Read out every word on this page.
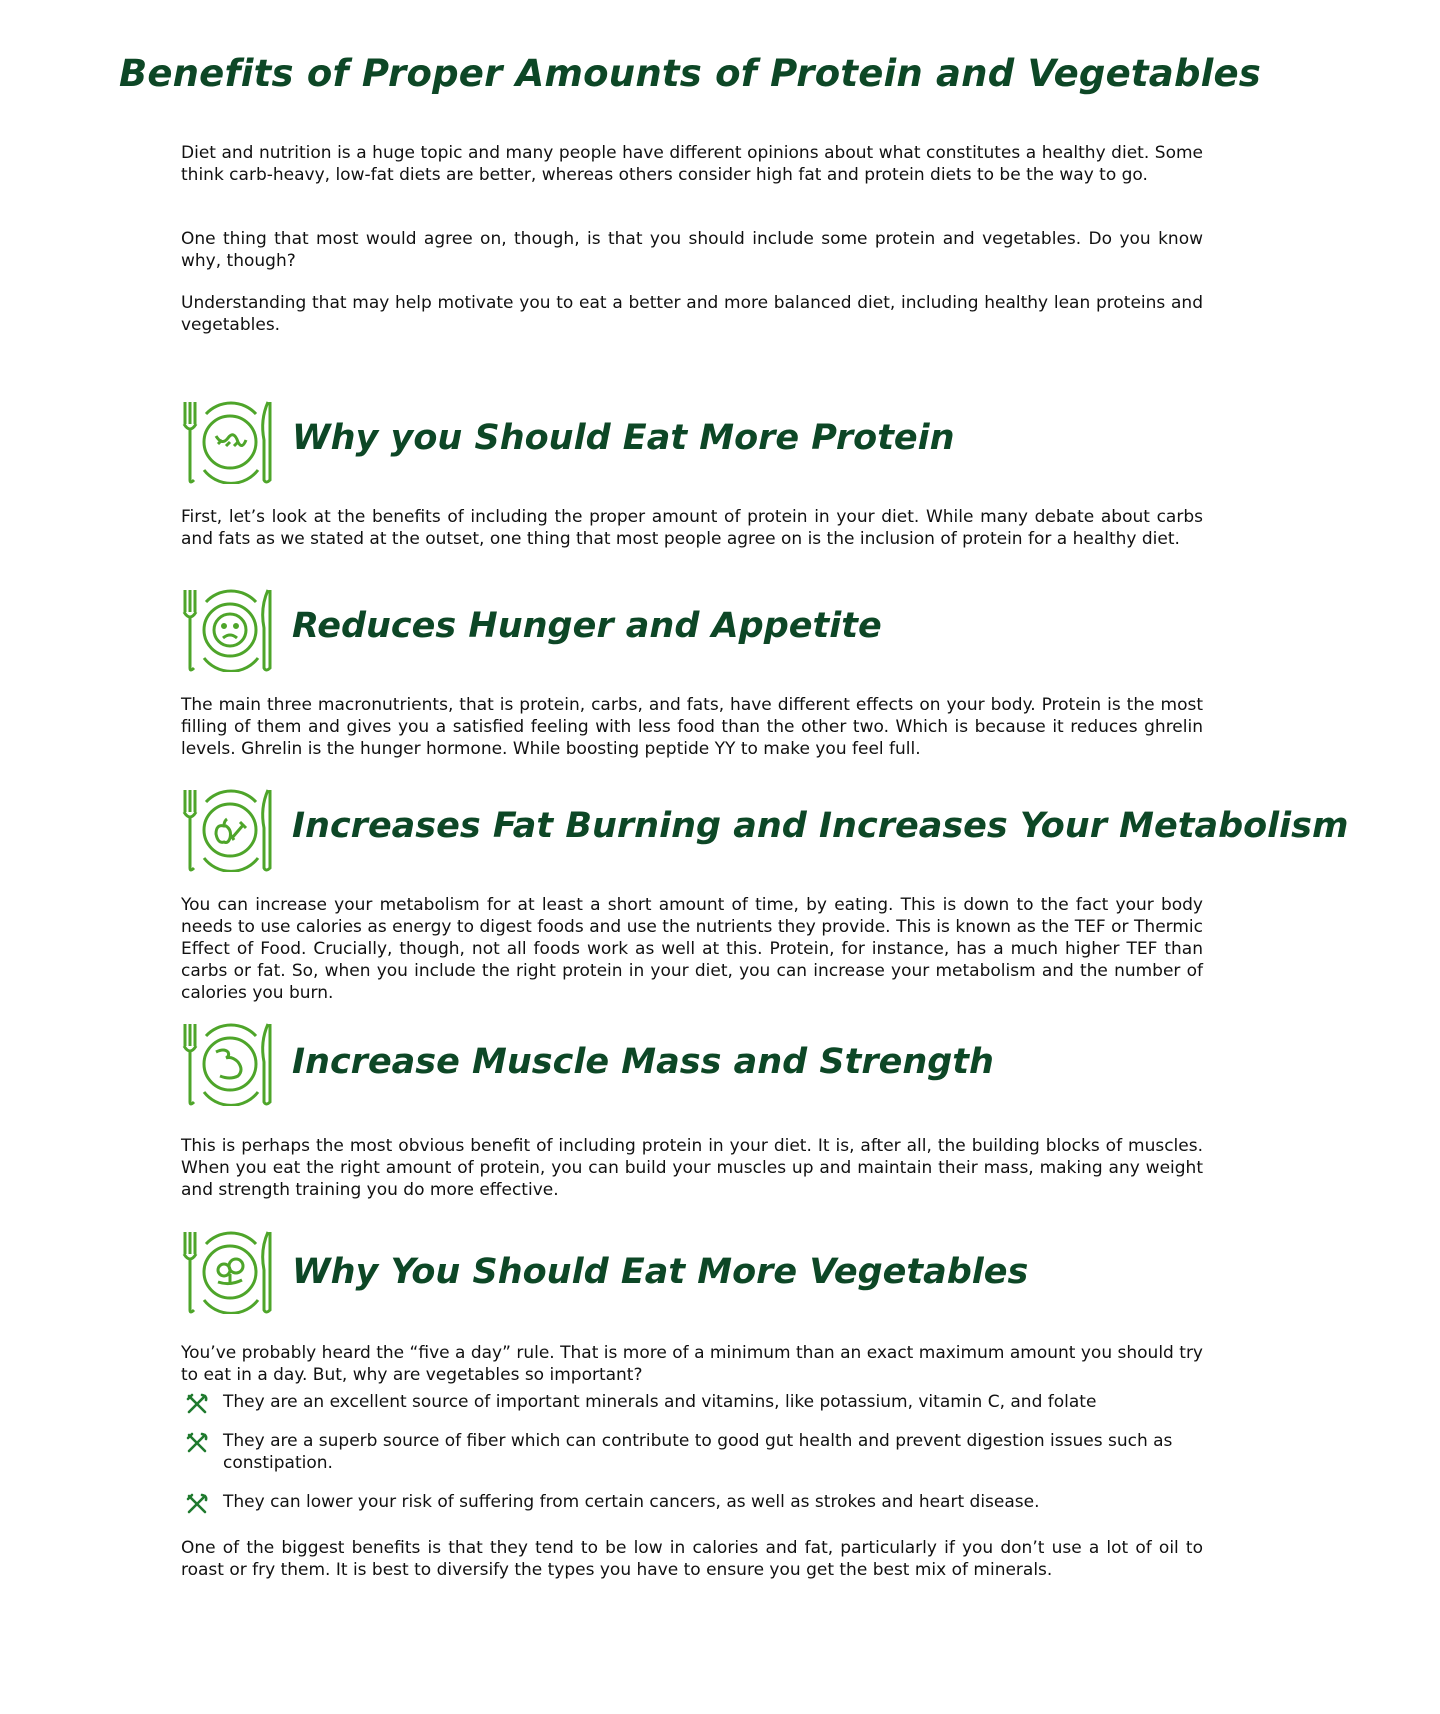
Benefits of Proper Amounts of Protein and Vegetables

Diet and nutrition is a huge topic and many people have different opinions about what constitutes a healthy diet. Some think carb-heavy, low-fat diets are better, whereas others consider high fat and protein diets to be the way to go.

One thing that most would agree on, though, is that you should include some protein and vegetables. Do you know why, though?

Understanding that may help motivate you to eat a better and more balanced diet, including healthy lean proteins and vegetables.

Why you Should Eat More Protein

First, let’s look at the benefits of including the proper amount of protein in your diet. While many debate about carbs and fats as we stated at the outset, one thing that most people agree on is the inclusion of protein for a healthy diet.

Reduces Hunger and Appetite

The main three macronutrients, that is protein, carbs, and fats, have different effects on your body. Protein is the most filling of them and gives you a satisfied feeling with less food than the other two. Which is because it reduces ghrelin levels. Ghrelin is the hunger hormone. While boosting peptide YY to make you feel full.

Increases Fat Burning and Increases Your Metabolism

You can increase your metabolism for at least a short amount of time, by eating. This is down to the fact your body needs to use calories as energy to digest foods and use the nutrients they provide. This is known as the TEF or Thermic Effect of Food. Crucially, though, not all foods work as well at this. Protein, for instance, has a much higher TEF than carbs or fat. So, when you include the right protein in your diet, you can increase your metabolism and the number of calories you burn.

Increase Muscle Mass and Strength

This is perhaps the most obvious benefit of including protein in your diet. It is, after all, the building blocks of muscles. When you eat the right amount of protein, you can build your muscles up and maintain their mass, making any weight and strength training you do more effective.

Why You Should Eat More Vegetables

You’ve probably heard the “five a day” rule. That is more of a minimum than an exact maximum amount you should try to eat in a day. But, why are vegetables so important?

They are an excellent source of important minerals and vitamins, like potassium, vitamin C, and folate
They are a superb source of fiber which can contribute to good gut health and prevent digestion issues such as constipation.
They can lower your risk of suffering from certain cancers, as well as strokes and heart disease.

One of the biggest benefits is that they tend to be low in calories and fat, particularly if you don’t use a lot of oil to roast or fry them. It is best to diversify the types you have to ensure you get the best mix of minerals.
